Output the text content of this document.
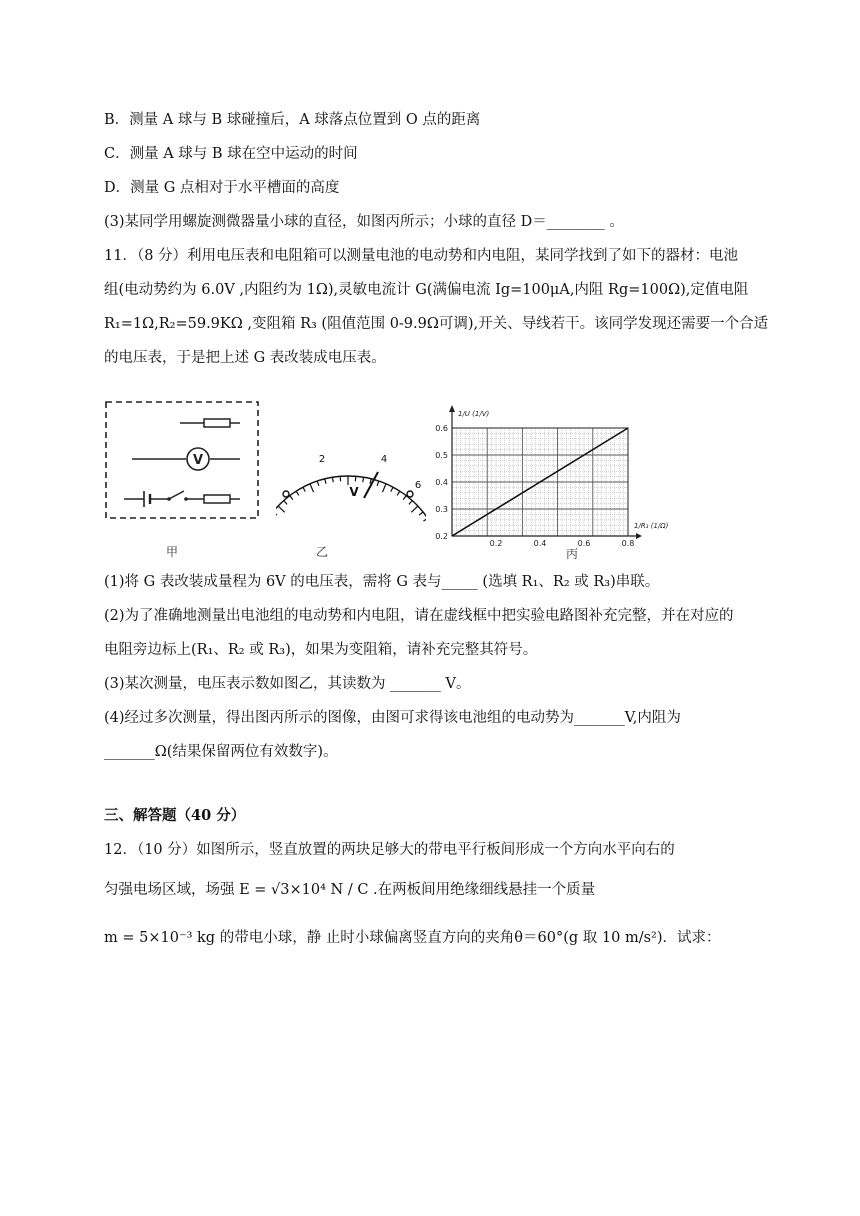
B．测量 A 球与 B 球碰撞后，A 球落点位置到 O 点的距离
C．测量 A 球与 B 球在空中运动的时间
D．测量 G 点相对于水平槽面的高度
(3)某同学用螺旋测微器量小球的直径，如图丙所示；小球的直径 D＝________ 。
11．（8 分）利用电压表和电阻箱可以测量电池的电动势和内电阻，某同学找到了如下的器材：电池
组(电动势约为 6.0V ,内阻约为 1Ω),灵敏电流计 G(满偏电流 Ig=100μA,内阻 Rg=100Ω),定值电阻
R₁=1Ω,R₂=59.9KΩ ,变阻箱 R₃ (阻值范围 0-9.9Ω可调),开关、导线若干。该同学发现还需要一个合适
的电压表，于是把上述 G 表改装成电压表。
V
甲
2	4
6
V
乙
1/U (1/V)
0.2
0.3
0.4
0.5
0.6
0.2	0.4	0.6	0.8
1/R₃ (1/Ω)
丙
(1)将 G 表改装成量程为 6V 的电压表，需将 G 表与_____ (选填 R₁、R₂ 或 R₃)串联。
(2)为了准确地测量出电池组的电动势和内电阻，请在虚线框中把实验电路图补充完整，并在对应的
电阻旁边标上(R₁、R₂ 或 R₃)，如果为变阻箱，请补充完整其符号。
(3)某次测量，电压表示数如图乙，其读数为 _______ V。
(4)经过多次测量，得出图丙所示的图像，由图可求得该电池组的电动势为_______V,内阻为
_______Ω(结果保留两位有效数字)。
三、解答题（40 分）
12．（10 分）如图所示，竖直放置的两块足够大的带电平行板间形成一个方向水平向右的
匀强电场区域，场强 E = √3×10⁴ N / C .在两板间用绝缘细线悬挂一个质量
m = 5×10⁻³ kg 的带电小球，静 止时小球偏离竖直方向的夹角θ＝60°(g 取 10 m/s²)．试求：
